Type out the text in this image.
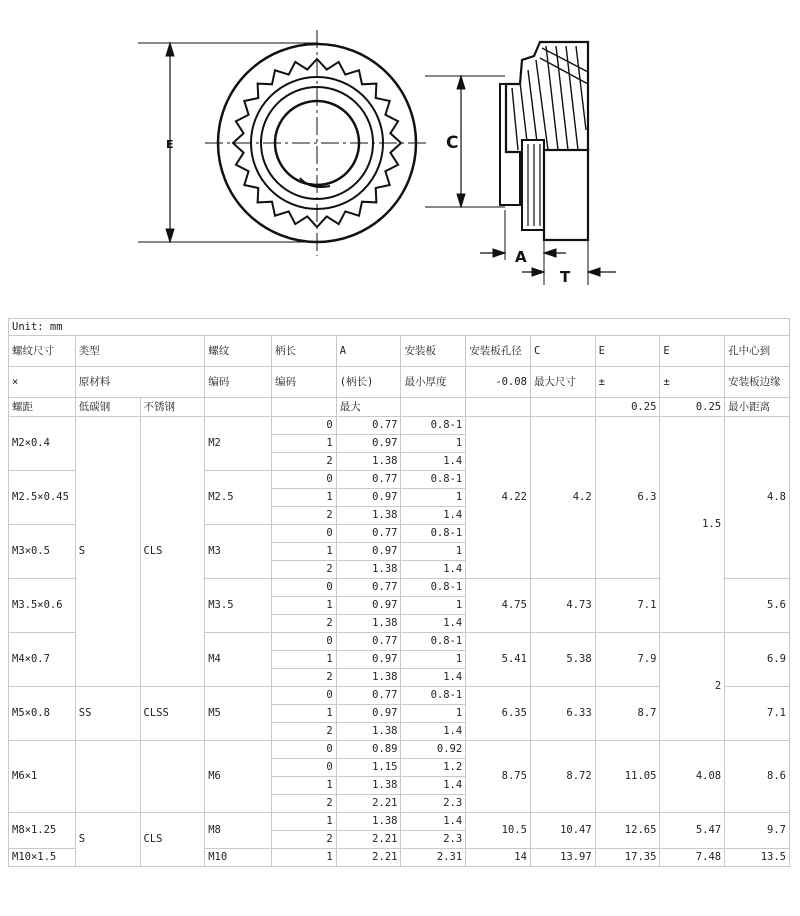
E	C
A
T
Unit: mm											
螺纹尺寸	类型		螺纹	柄长	A	安装板	安装板孔径	C	E	E	孔中心到
×	原材料		编码	编码	(柄长)	最小厚度	-0.08	最大尺寸	±	±	安装板边缘
螺距	低碳钢	不锈钢			最大				0.25	0.25	最小距离
M2×0.4	S	CLS	M2	0	0.77	0.8-1	4.22	4.2	6.3	1.5	4.8
				1	0.97	1					
				2	1.38	1.4					
M2.5×0.45			M2.5	0	0.77	0.8-1					
				1	0.97	1					
				2	1.38	1.4					
M3×0.5			M3	0	0.77	0.8-1					
				1	0.97	1					
				2	1.38	1.4					
M3.5×0.6			M3.5	0	0.77	0.8-1	4.75	4.73	7.1		5.6
				1	0.97	1					
				2	1.38	1.4					
M4×0.7			M4	0	0.77	0.8-1	5.41	5.38	7.9	2	6.9
				1	0.97	1					
				2	1.38	1.4					
M5×0.8	SS	CLSS	M5	0	0.77	0.8-1	6.35	6.33	8.7		7.1
				1	0.97	1					
				2	1.38	1.4					
M6×1			M6	0	0.89	0.92	8.75	8.72	11.05	4.08	8.6
				0	1.15	1.2					
				1	1.38	1.4					
				2	2.21	2.3					
M8×1.25	S	CLS	M8	1	1.38	1.4	10.5	10.47	12.65	5.47	9.7
				2	2.21	2.3					
M10×1.5			M10	1	2.21	2.31	14	13.97	17.35	7.48	13.5
